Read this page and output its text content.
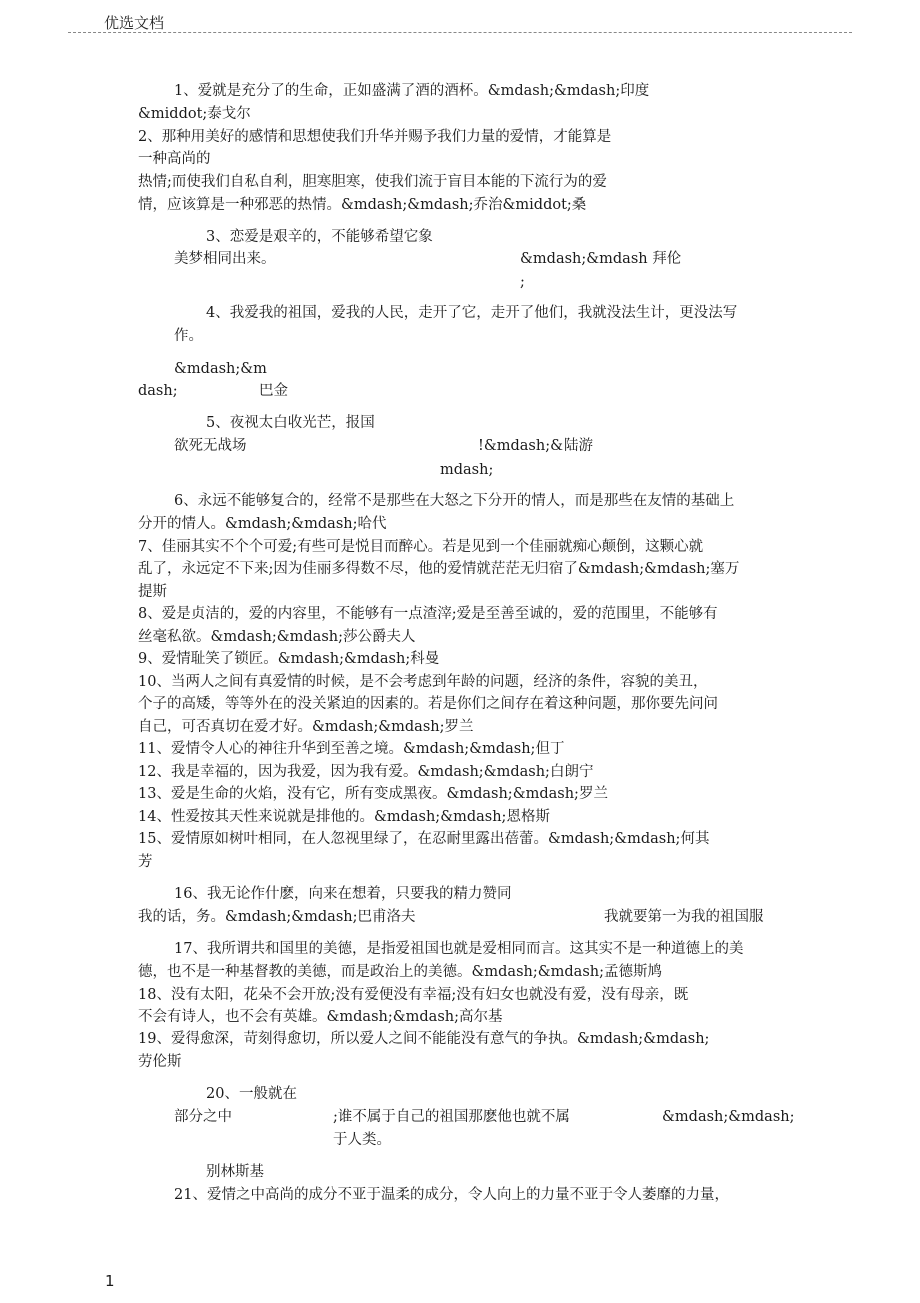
优选文档
1、爱就是充分了的生命，正如盛满了酒的酒杯。&mdash;&mdash;印度
&middot;泰戈尔
2、那种用美好的感情和思想使我们升华并赐予我们力量的爱情，才能算是
一种高尚的
热情;而使我们自私自利，胆寒胆寒，使我们流于盲目本能的下流行为的爱
情，应该算是一种邪恶的热情。&mdash;&mdash;乔治&middot;桑
3、恋爱是艰辛的，不能够希望它象
美梦相同出来。	&mdash;&mdash 拜伦
;
4、我爱我的祖国，爱我的人民，走开了它，走开了他们，我就没法生计，更没法写
作。
&mdash;&m
dash;	巴金
5、夜视太白收光芒，报国
欲死无战场	!&mdash;& 陆游
mdash;
6、永远不能够复合的，经常不是那些在大怒之下分开的情人，而是那些在友情的基础上
分开的情人。&mdash;&mdash;哈代
7、佳丽其实不个个可爱;有些可是悦目而醉心。若是见到一个佳丽就痴心颠倒，这颗心就
乱了，永远定不下来;因为佳丽多得数不尽，他的爱情就茫茫无归宿了&mdash;&mdash;塞万
提斯
8、爱是贞洁的，爱的内容里，不能够有一点渣滓;爱是至善至诚的，爱的范围里，不能够有
丝毫私欲。&mdash;&mdash;莎公爵夫人
9、爱情耻笑了锁匠。&mdash;&mdash;科曼
10、当两人之间有真爱情的时候，是不会考虑到年龄的问题，经济的条件，容貌的美丑，
个子的高矮，等等外在的没关紧迫的因素的。若是你们之间存在着这种问题，那你要先问问
自己，可否真切在爱才好。&mdash;&mdash;罗兰
11、爱情令人心的神往升华到至善之境。&mdash;&mdash;但丁
12、我是幸福的，因为我爱，因为我有爱。&mdash;&mdash;白朗宁
13、爱是生命的火焰，没有它，所有变成黑夜。&mdash;&mdash;罗兰
14、性爱按其天性来说就是排他的。&mdash;&mdash;恩格斯
15、爱情原如树叶相同，在人忽视里绿了，在忍耐里露出蓓蕾。&mdash;&mdash;何其
芳
16、我无论作什麽，向来在想着，只要我的精力赞同
我的话，务。&mdash;&mdash;巴甫洛夫	我就要第一为我的祖国服
17、我所谓共和国里的美德，是指爱祖国也就是爱相同而言。这其实不是一种道德上的美
德，也不是一种基督教的美德，而是政治上的美德。&mdash;&mdash;孟德斯鸠
18、没有太阳，花朵不会开放;没有爱便没有幸福;没有妇女也就没有爱，没有母亲，既
不会有诗人，也不会有英雄。&mdash;&mdash;高尔基
19、爱得愈深，苛刻得愈切，所以爱人之间不能能没有意气的争执。&mdash;&mdash;
劳伦斯
20、一般就在
部分之中	;谁不属于自己的祖国那麽他也就不属	&mdash;&mdash;
于人类。
别林斯基
21、爱情之中高尚的成分不亚于温柔的成分，令人向上的力量不亚于令人萎靡的力量，
1
